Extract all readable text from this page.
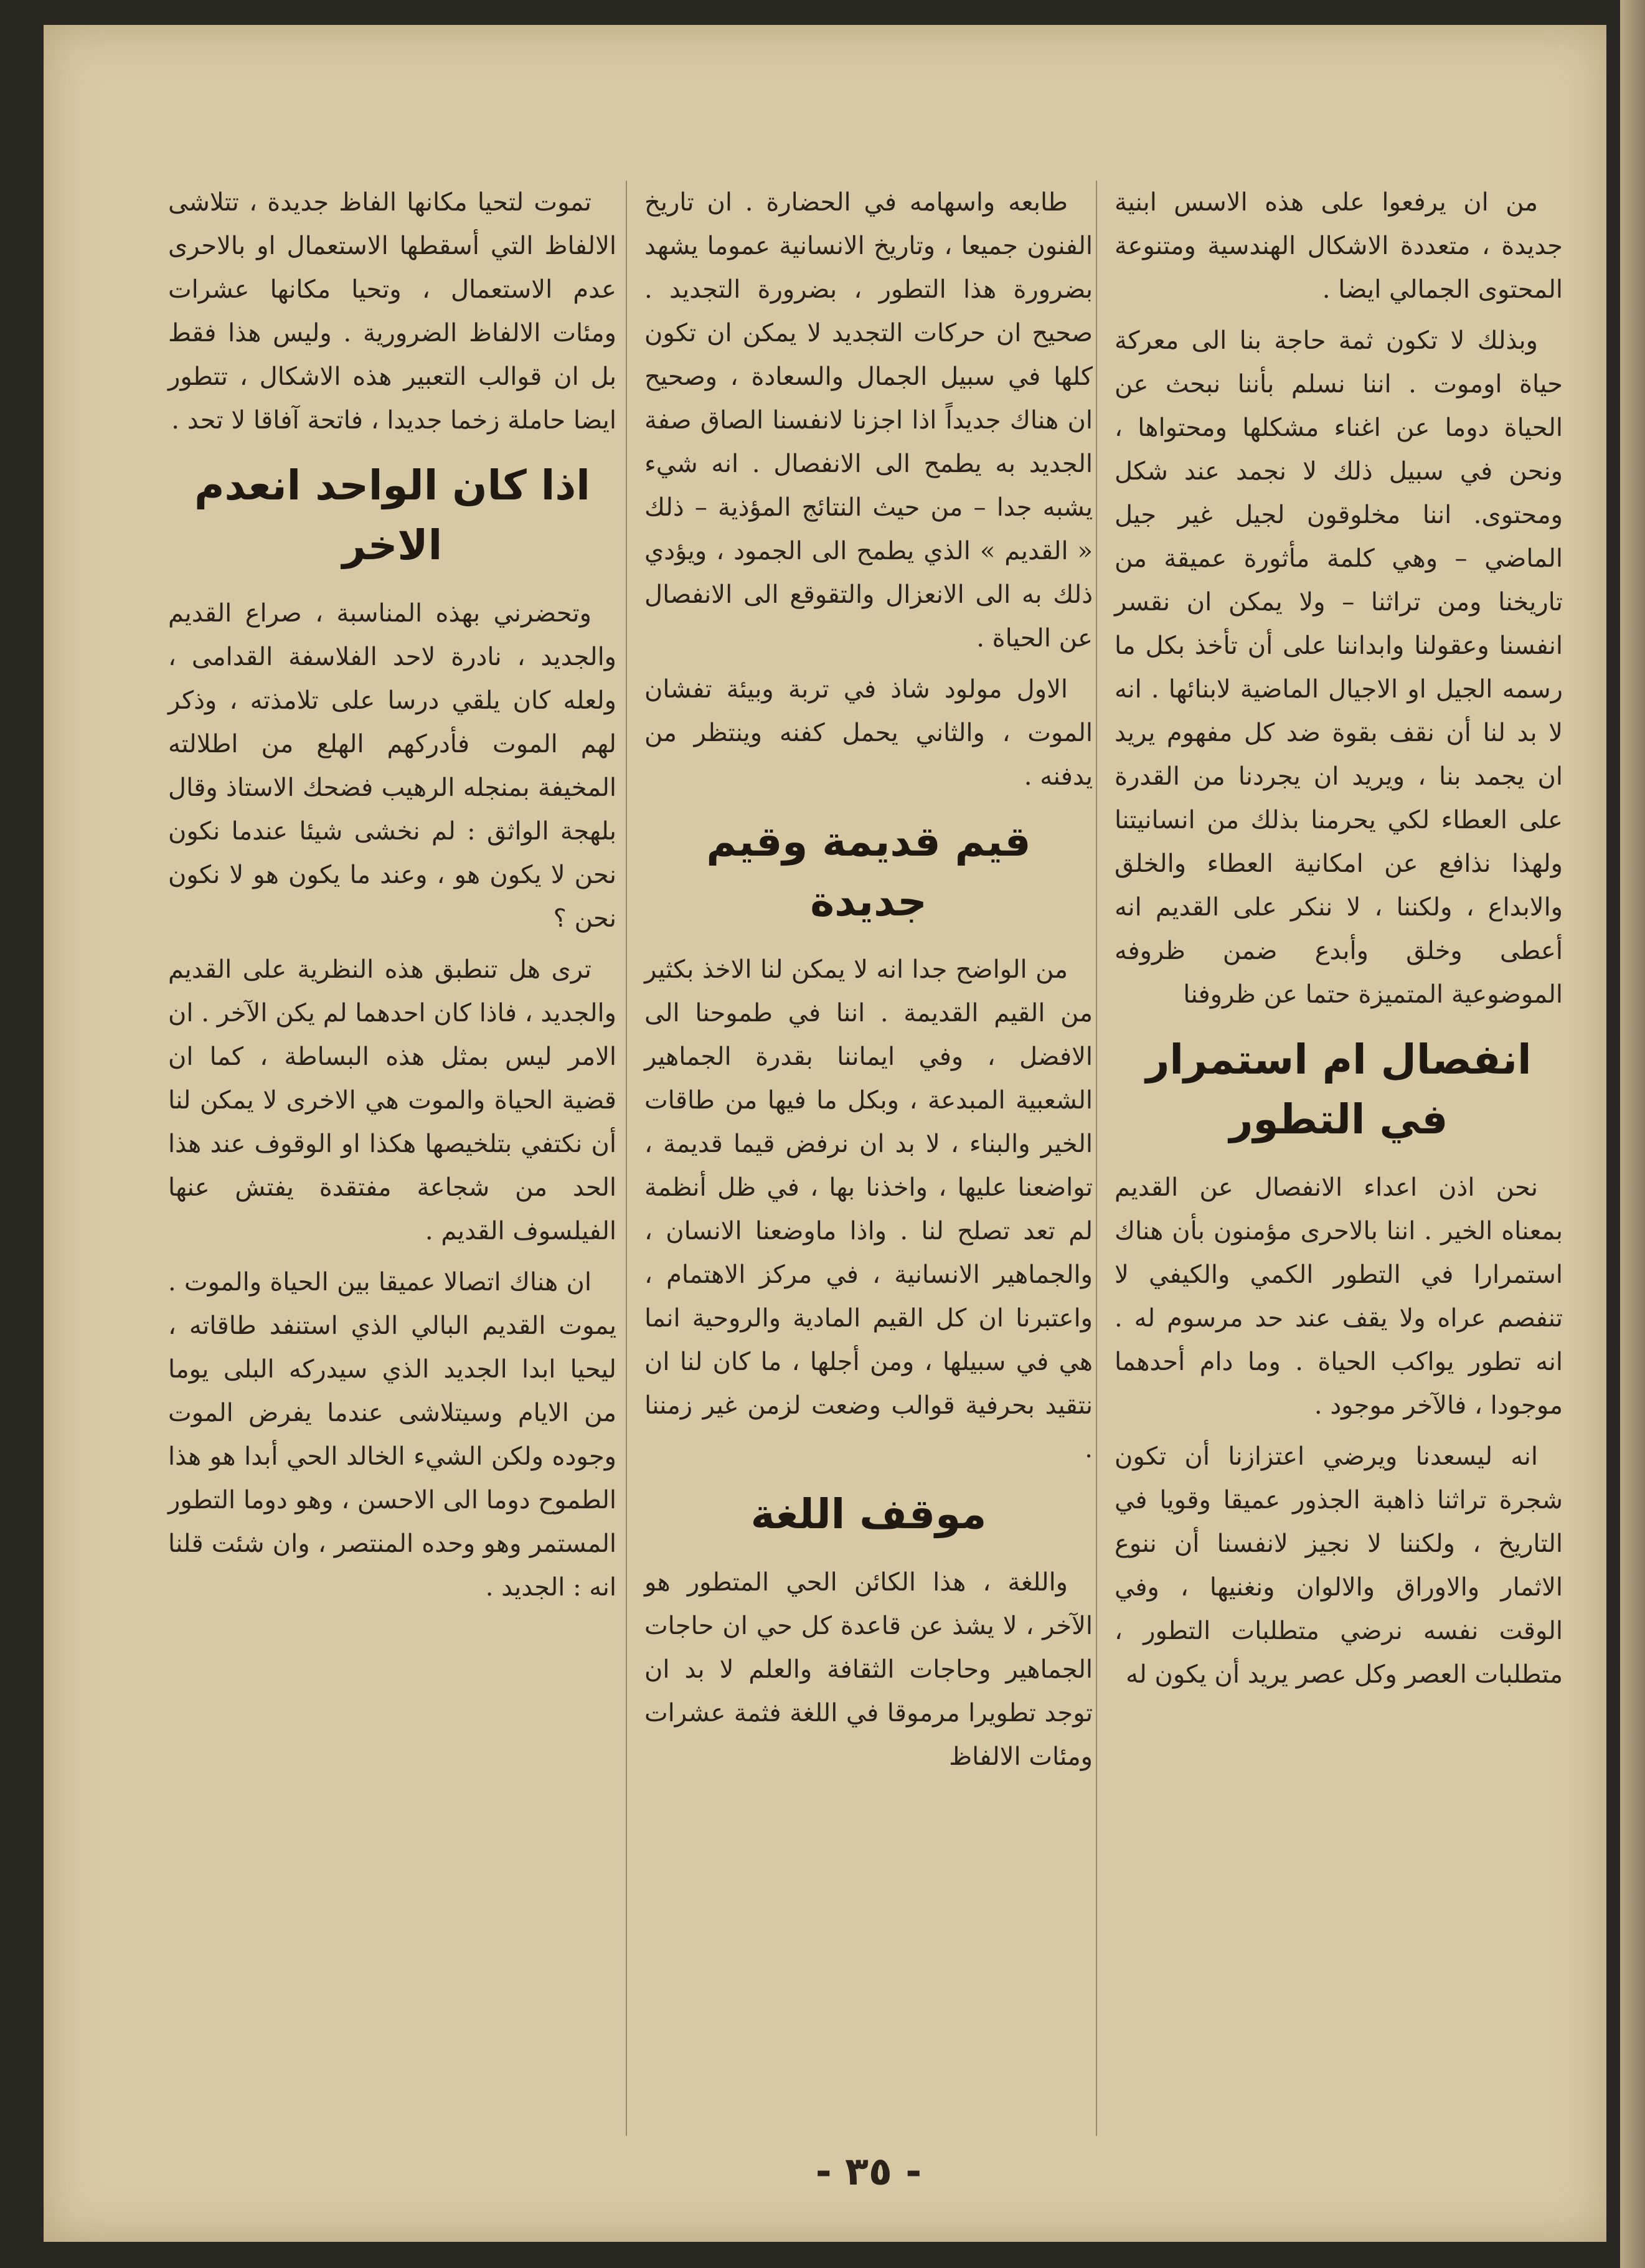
من ان يرفعوا على هذه الاسس ابنية جديدة ، متعددة الاشكال الهندسية ومتنوعة المحتوى الجمالي ايضا .

وبذلك لا تكون ثمة حاجة بنا الى معركة حياة اوموت . اننا نسلم بأننا نبحث عن الحياة دوما عن اغناء مشكلها ومحتواها ، ونحن في سبيل ذلك لا نجمد عند شكل ومحتوى. اننا مخلوقون لجيل غير جيل الماضي – وهي كلمة مأثورة عميقة من تاريخنا ومن تراثنا – ولا يمكن ان نقسر انفسنا وعقولنا وابداننا على أن تأخذ بكل ما رسمه الجيل او الاجيال الماضية لابنائها . انه لا بد لنا أن نقف بقوة ضد كل مفهوم يريد ان يجمد بنا ، ويريد ان يجردنا من القدرة على العطاء لكي يحرمنا بذلك من انسانيتنا ولهذا نذافع عن امكانية العطاء والخلق والابداع ، ولكننا ، لا ننكر على القديم انه أعطى وخلق وأبدع ضمن ظروفه الموضوعية المتميزة حتما عن ظروفنا

انفصال ام استمرار في التطور

نحن اذن اعداء الانفصال عن القديم بمعناه الخير . اننا بالاحرى مؤمنون بأن هناك استمرارا في التطور الكمي والكيفي لا تنفصم عراه ولا يقف عند حد مرسوم له . انه تطور يواكب الحياة . وما دام أحدهما موجودا ، فالآخر موجود .

انه ليسعدنا ويرضي اعتزازنا أن تكون شجرة تراثنا ذاهبة الجذور عميقا وقويا في التاريخ ، ولكننا لا نجيز لانفسنا أن ننوع الاثمار والاوراق والالوان ونغنيها ، وفي الوقت نفسه نرضي متطلبات التطور ، متطلبات العصر وكل عصر يريد أن يكون له

طابعه واسهامه في الحضارة . ان تاريخ الفنون جميعا ، وتاريخ الانسانية عموما يشهد بضرورة هذا التطور ، بضرورة التجديد . صحيح ان حركات التجديد لا يمكن ان تكون كلها في سبيل الجمال والسعادة ، وصحيح ان هناك جديداً اذا اجزنا لانفسنا الصاق صفة الجديد به يطمح الى الانفصال . انه شيء يشبه جدا – من حيث النتائج المؤذية – ذلك « القديم » الذي يطمح الى الجمود ، ويؤدي ذلك به الى الانعزال والتقوقع الى الانفصال عن الحياة .

الاول مولود شاذ في تربة وبيئة تفشان الموت ، والثاني يحمل كفنه وينتظر من يدفنه .

قيم قديمة وقيم جديدة

من الواضح جدا انه لا يمكن لنا الاخذ بكثير من القيم القديمة . اننا في طموحنا الى الافضل ، وفي ايماننا بقدرة الجماهير الشعبية المبدعة ، وبكل ما فيها من طاقات الخير والبناء ، لا بد ان نرفض قيما قديمة ، تواضعنا عليها ، واخذنا بها ، في ظل أنظمة لم تعد تصلح لنا . واذا ماوضعنا الانسان ، والجماهير الانسانية ، في مركز الاهتمام ، واعتبرنا ان كل القيم المادية والروحية انما هي في سبيلها ، ومن أجلها ، ما كان لنا ان نتقيد بحرفية قوالب وضعت لزمن غير زمننا .

موقف اللغة

واللغة ، هذا الكائن الحي المتطور هو الآخر ، لا يشذ عن قاعدة كل حي ان حاجات الجماهير وحاجات الثقافة والعلم لا بد ان توجد تطويرا مرموقا في اللغة فثمة عشرات ومئات الالفاظ

تموت لتحيا مكانها الفاظ جديدة ، تتلاشى الالفاظ التي أسقطها الاستعمال او بالاحرى عدم الاستعمال ، وتحيا مكانها عشرات ومئات الالفاظ الضرورية . وليس هذا فقط بل ان قوالب التعبير هذه الاشكال ، تتطور ايضا حاملة زخما جديدا ، فاتحة آفاقا لا تحد .

اذا كان الواحد انعدم الاخر

وتحضرني بهذه المناسبة ، صراع القديم والجديد ، نادرة لاحد الفلاسفة القدامى ، ولعله كان يلقي درسا على تلامذته ، وذكر لهم الموت فأدركهم الهلع من اطلالته المخيفة بمنجله الرهيب فضحك الاستاذ وقال بلهجة الواثق : لم نخشى شيئا عندما نكون نحن لا يكون هو ، وعند ما يكون هو لا نكون نحن ؟

ترى هل تنطبق هذه النظرية على القديم والجديد ، فاذا كان احدهما لم يكن الآخر . ان الامر ليس بمثل هذه البساطة ، كما ان قضية الحياة والموت هي الاخرى لا يمكن لنا أن نكتفي بتلخيصها هكذا او الوقوف عند هذا الحد من شجاعة مفتقدة يفتش عنها الفيلسوف القديم .

ان هناك اتصالا عميقا بين الحياة والموت . يموت القديم البالي الذي استنفد طاقاته ، ليحيا ابدا الجديد الذي سيدركه البلى يوما من الايام وسيتلاشى عندما يفرض الموت وجوده ولكن الشيء الخالد الحي أبدا هو هذا الطموح دوما الى الاحسن ، وهو دوما التطور المستمر وهو وحده المنتصر ، وان شئت قلنا انه : الجديد .

- ٣٥ -
